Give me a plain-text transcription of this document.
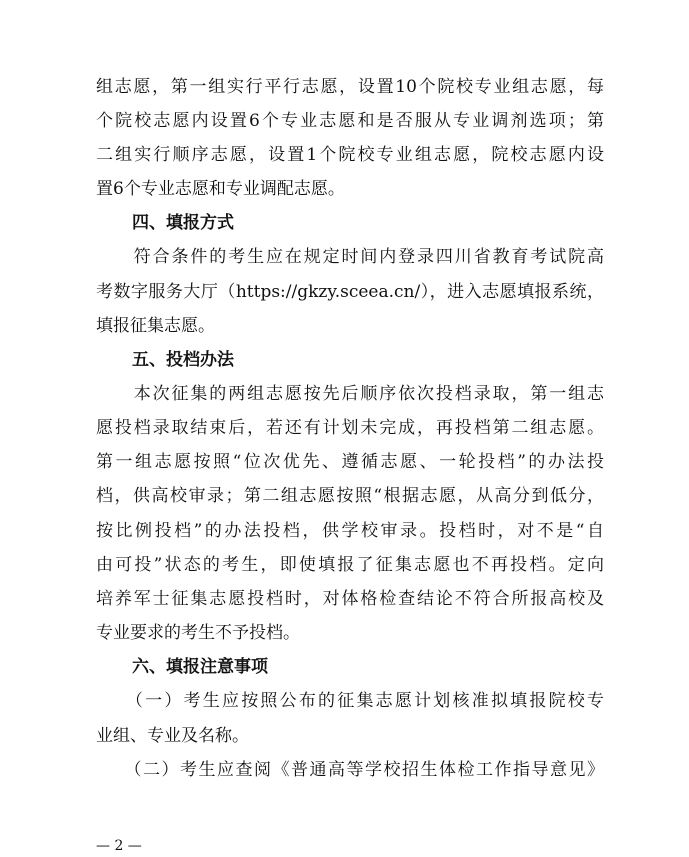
组志愿，第一组实行平行志愿，设置10个院校专业组志愿，每
个院校志愿内设置6个专业志愿和是否服从专业调剂选项；第
二组实行顺序志愿，设置1个院校专业组志愿，院校志愿内设
置6个专业志愿和专业调配志愿。
四、填报方式
　　符合条件的考生应在规定时间内登录四川省教育考试院高
考数字服务大厅（https://gkzy.sceea.cn/），进入志愿填报系统，
填报征集志愿。
五、投档办法
　　本次征集的两组志愿按先后顺序依次投档录取，第一组志
愿投档录取结束后，若还有计划未完成，再投档第二组志愿。
第一组志愿按照“位次优先、遵循志愿、一轮投档”的办法投
档，供高校审录；第二组志愿按照“根据志愿，从高分到低分，
按比例投档”的办法投档，供学校审录。投档时，对不是“自
由可投”状态的考生，即使填报了征集志愿也不再投档。定向
培养军士征集志愿投档时，对体格检查结论不符合所报高校及
专业要求的考生不予投档。
六、填报注意事项
　　（一）考生应按照公布的征集志愿计划核准拟填报院校专
业组、专业及名称。
　　（二）考生应查阅《普通高等学校招生体检工作指导意见》
— 2 —
